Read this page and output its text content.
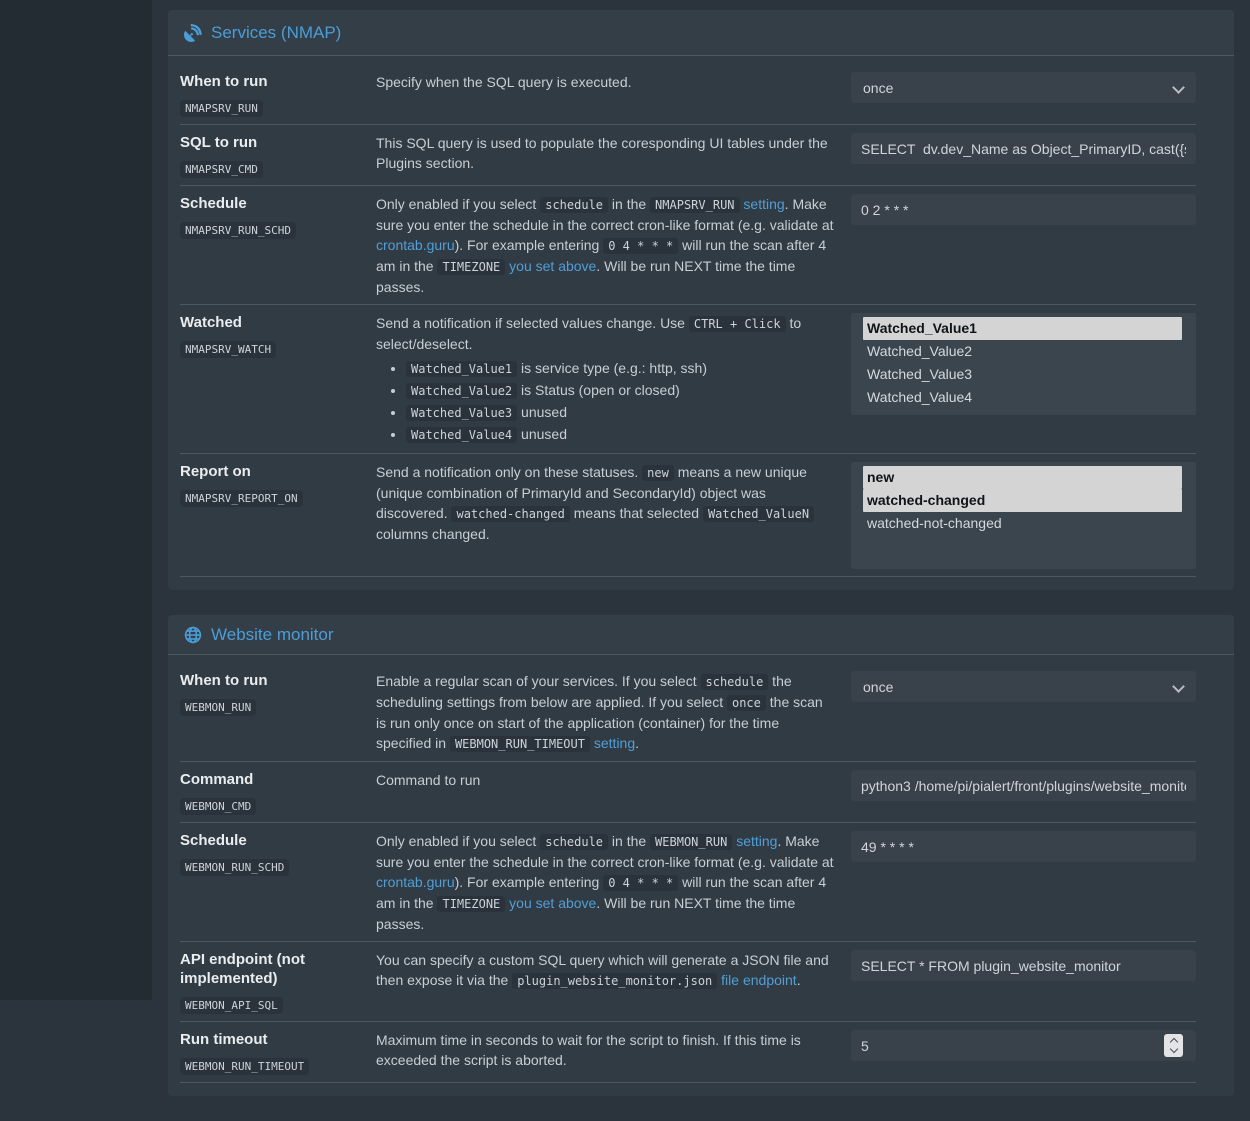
Services (NMAP)
When to run
NMAPSRV_RUN
Specify when the SQL query is executed.	once
SQL to run
NMAPSRV_CMD
This SQL query is used to populate the coresponding UI tables under the Plugins section.
SELECT dv.dev_Name as Object_PrimaryID, cast({s-quote}
Schedule
NMAPSRV_RUN_SCHD
Only enabled if you select schedule in the NMAPSRV_RUN setting. Make sure you enter the schedule in the correct cron-like format (e.g. validate at crontab.guru). For example entering 0 4 * * * will run the scan after 4 am in the TIMEZONE you set above. Will be run NEXT time the time passes.
0 2 * * *
Watched
NMAPSRV_WATCH
Send a notification if selected values change. Use CTRL + Click to select/deselect.
• Watched_Value1 is service type (e.g.: http, ssh)
• Watched_Value2 is Status (open or closed)
• Watched_Value3 unused
• Watched_Value4 unused
Watched_Value1
Watched_Value2
Watched_Value3
Watched_Value4
Report on
NMAPSRV_REPORT_ON
Send a notification only on these statuses. new means a new unique (unique combination of PrimaryId and SecondaryId) object was discovered. watched-changed means that selected Watched_ValueN columns changed.
new
watched-changed
watched-not-changed
Website monitor
When to run
WEBMON_RUN
Enable a regular scan of your services. If you select schedule the scheduling settings from below are applied. If you select once the scan is run only once on start of the application (container) for the time specified in WEBMON_RUN_TIMEOUT setting.
once
Command
WEBMON_CMD
Command to run
python3 /home/pi/pialert/front/plugins/website_monitor
Schedule
WEBMON_RUN_SCHD
Only enabled if you select schedule in the WEBMON_RUN setting. Make sure you enter the schedule in the correct cron-like format (e.g. validate at crontab.guru). For example entering 0 4 * * * will run the scan after 4 am in the TIMEZONE you set above. Will be run NEXT time the time passes.
49 * * * *
API endpoint (not implemented)
WEBMON_API_SQL
You can specify a custom SQL query which will generate a JSON file and then expose it via the plugin_website_monitor.json file endpoint.
SELECT * FROM plugin_website_monitor
Run timeout
WEBMON_RUN_TIMEOUT
Maximum time in seconds to wait for the script to finish. If this time is exceeded the script is aborted.
5
